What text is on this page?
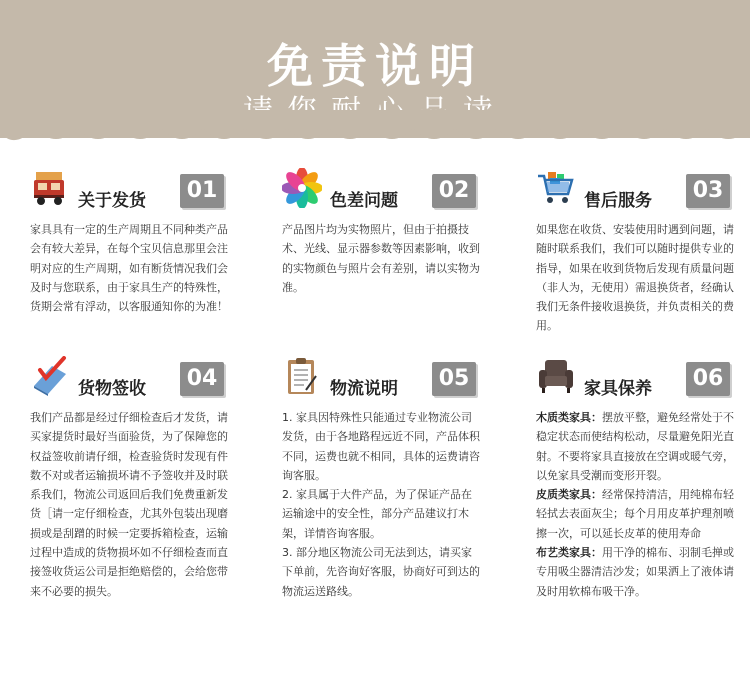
免责说明
关于发货	01

家具具有一定的生产周期且不同种类产品会有较大差异，在每个宝贝信息那里会注明对应的生产周期，如有断货情况我们会及时与您联系，由于家具生产的特殊性，货期会常有浮动，以客服通知你的为准！

色差问题	02

产品图片均为实物照片，但由于拍摄技术、光线、显示器参数等因素影响，收到的实物颜色与照片会有差别，请以实物为准。

售后服务	03

如果您在收货、安装使用时遇到问题，请随时联系我们，我们可以随时提供专业的指导，如果在收到货物后发现有质量问题（非人为，无使用）需退换货者，经确认我们无条件接收退换货，并负责相关的费用。

货物签收	04

我们产品都是经过仔细检查后才发货，请买家提货时最好当面验货，为了保障您的权益签收前请仔细，检查验货时发现有件数不对或者运输损坏请不予签收并及时联系我们，物流公司返回后我们免费重新发货［请一定仔细检查，尤其外包装出现磨损或是刮蹭的时候一定要拆箱检查，运输过程中造成的货物损坏如不仔细检查而直接签收货运公司是拒绝赔偿的，会给您带来不必要的损失。

物流说明	05

1. 家具因特殊性只能通过专业物流公司发货，由于各地路程远近不同，产品体积不同，运费也就不相同，具体的运费请咨询客服。

2. 家具属于大件产品，为了保证产品在运输途中的安全性，部分产品建议打木架，详情咨询客服。

3. 部分地区物流公司无法到达，请买家下单前，先咨询好客服，协商好可到达的物流运送路线。

家具保养	06

木质类家具：摆放平整，避免经常处于不稳定状态而使结构松动，尽量避免阳光直射。不要将家具直接放在空调或暖气旁，以免家具受潮而变形开裂。

皮质类家具：经常保持清洁，用纯棉布轻轻拭去表面灰尘；每个月用皮革护理剂喷擦一次，可以延长皮革的使用寿命

布艺类家具：用干净的棉布、羽制毛掸或专用吸尘器清洁沙发；如果洒上了液体请及时用软棉布吸干净。
